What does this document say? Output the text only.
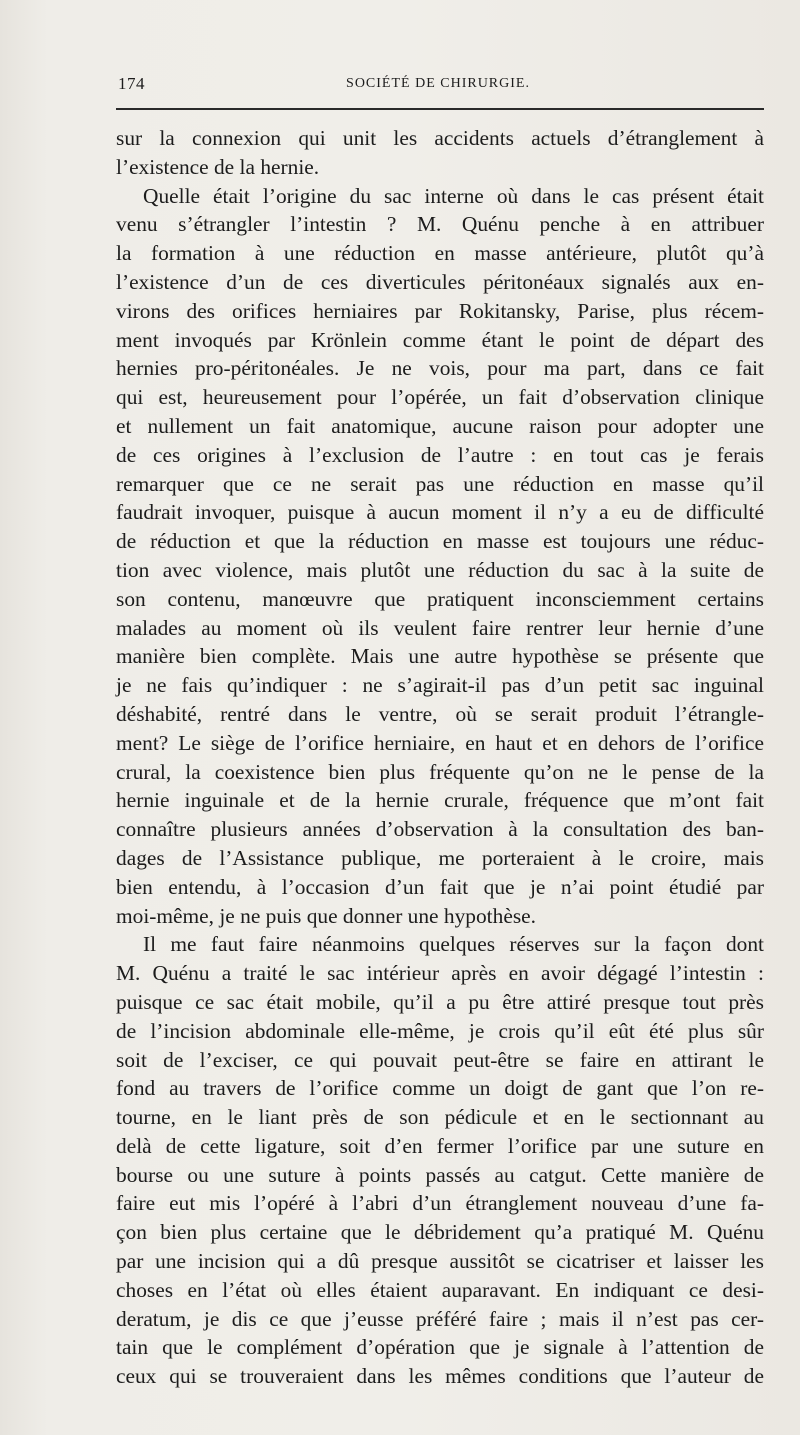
174	SOCIÉTÉ DE CHIRURGIE.
sur la connexion qui unit les accidents actuels d’étranglement à
l’existence de la hernie.
Quelle était l’origine du sac interne où dans le cas présent était
venu s’étrangler l’intestin ? M. Quénu penche à en attribuer
la formation à une réduction en masse antérieure, plutôt qu’à
l’existence d’un de ces diverticules péritonéaux signalés aux en-
virons des orifices herniaires par Rokitansky, Parise, plus récem-
ment invoqués par Krönlein comme étant le point de départ des
hernies pro-péritonéales. Je ne vois, pour ma part, dans ce fait
qui est, heureusement pour l’opérée, un fait d’observation clinique
et nullement un fait anatomique, aucune raison pour adopter une
de ces origines à l’exclusion de l’autre : en tout cas je ferais
remarquer que ce ne serait pas une réduction en masse qu’il
faudrait invoquer, puisque à aucun moment il n’y a eu de difficulté
de réduction et que la réduction en masse est toujours une réduc-
tion avec violence, mais plutôt une réduction du sac à la suite de
son contenu, manœuvre que pratiquent inconsciemment certains
malades au moment où ils veulent faire rentrer leur hernie d’une
manière bien complète. Mais une autre hypothèse se présente que
je ne fais qu’indiquer : ne s’agirait-il pas d’un petit sac inguinal
déshabité, rentré dans le ventre, où se serait produit l’étrangle-
ment? Le siège de l’orifice herniaire, en haut et en dehors de l’orifice
crural, la coexistence bien plus fréquente qu’on ne le pense de la
hernie inguinale et de la hernie crurale, fréquence que m’ont fait
connaître plusieurs années d’observation à la consultation des ban-
dages de l’Assistance publique, me porteraient à le croire, mais
bien entendu, à l’occasion d’un fait que je n’ai point étudié par
moi-même, je ne puis que donner une hypothèse.
Il me faut faire néanmoins quelques réserves sur la façon dont
M. Quénu a traité le sac intérieur après en avoir dégagé l’intestin :
puisque ce sac était mobile, qu’il a pu être attiré presque tout près
de l’incision abdominale elle-même, je crois qu’il eût été plus sûr
soit de l’exciser, ce qui pouvait peut-être se faire en attirant le
fond au travers de l’orifice comme un doigt de gant que l’on re-
tourne, en le liant près de son pédicule et en le sectionnant au
delà de cette ligature, soit d’en fermer l’orifice par une suture en
bourse ou une suture à points passés au catgut. Cette manière de
faire eut mis l’opéré à l’abri d’un étranglement nouveau d’une fa-
çon bien plus certaine que le débridement qu’a pratiqué M. Quénu
par une incision qui a dû presque aussitôt se cicatriser et laisser les
choses en l’état où elles étaient auparavant. En indiquant ce desi-
deratum, je dis ce que j’eusse préféré faire ; mais il n’est pas cer-
tain que le complément d’opération que je signale à l’attention de
ceux qui se trouveraient dans les mêmes conditions que l’auteur de
